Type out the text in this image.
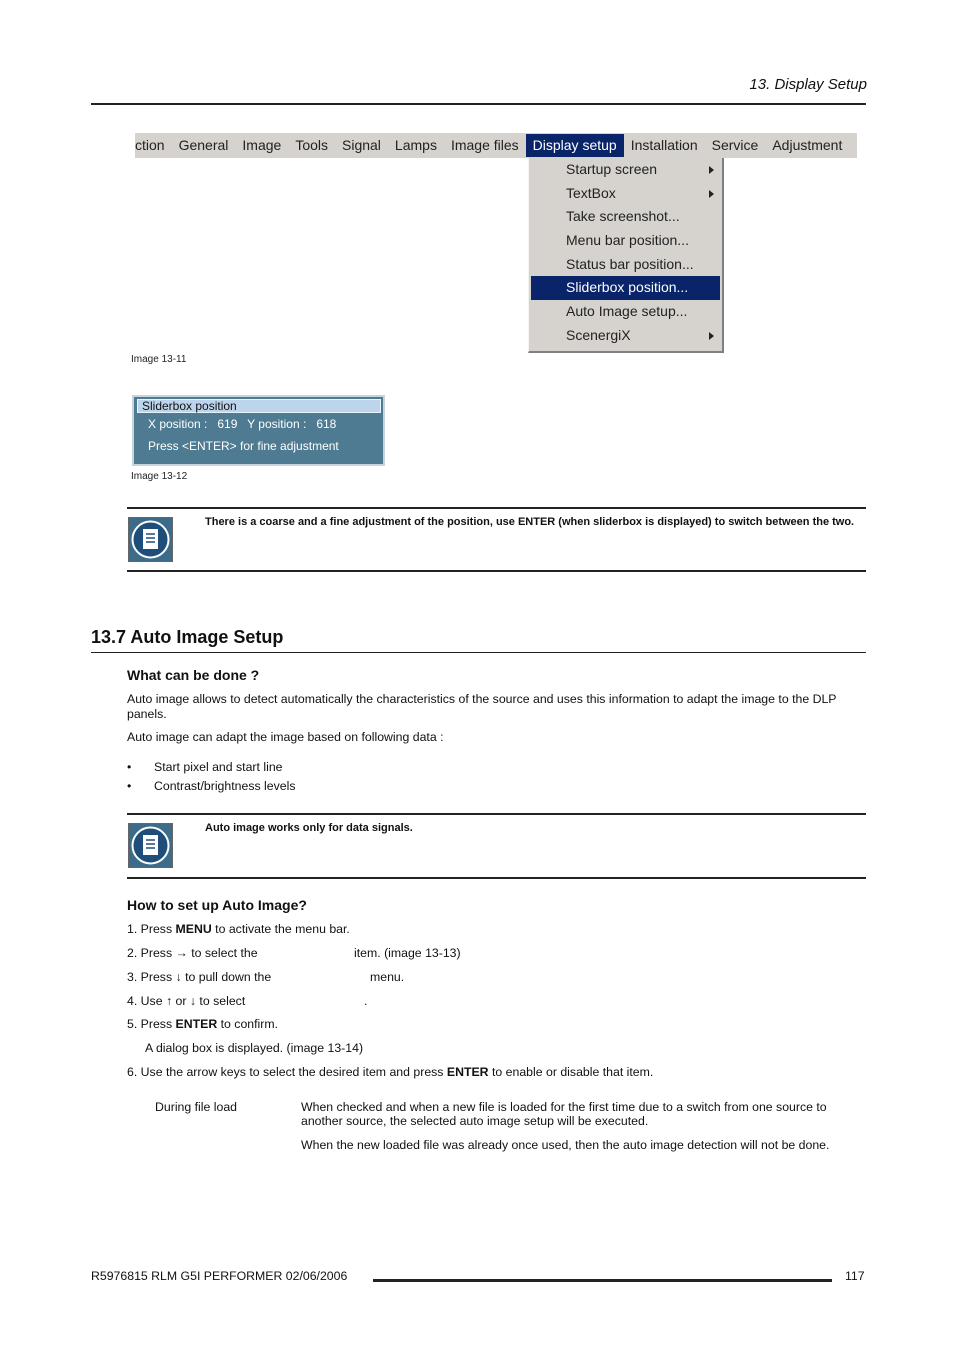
13. Display Setup
ction	General	Image	Tools	Signal	Lamps	Image files	Display setup	Installation	Service	Adjustment
Startup screen
TextBox
Take screenshot...
Menu bar position...
Status bar position...
Sliderbox position...
Auto Image setup...
ScenergiX
Image 13-11
Sliderbox position
X position :   619   Y position :   618
Press <ENTER> for fine adjustment
Image 13-12
There is a coarse and a fine adjustment of the position, use ENTER (when sliderbox is displayed) to switch between the two.
13.7 Auto Image Setup
What can be done ?
Auto image allows to detect automatically the characteristics of the source and uses this information to adapt the image to the DLP panels.
Auto image can adapt the image based on following data :
• Start pixel and start line
• Contrast/brightness levels
Auto image works only for data signals.
How to set up Auto Image?
1. Press MENU to activate the menu bar.
2. Press → to select the	item. (image 13-13)
3. Press ↓ to pull down the	menu.
4. Use ↑ or ↓ to select	.
5. Press ENTER to confirm.
A dialog box is displayed. (image 13-14)
6. Use the arrow keys to select the desired item and press ENTER to enable or disable that item.
During file load	When checked and when a new file is loaded for the first time due to a switch from one source to another source, the selected auto image setup will be executed.
When the new loaded file was already once used, then the auto image detection will not be done.
R5976815 RLM G5I PERFORMER 02/06/2006	117
